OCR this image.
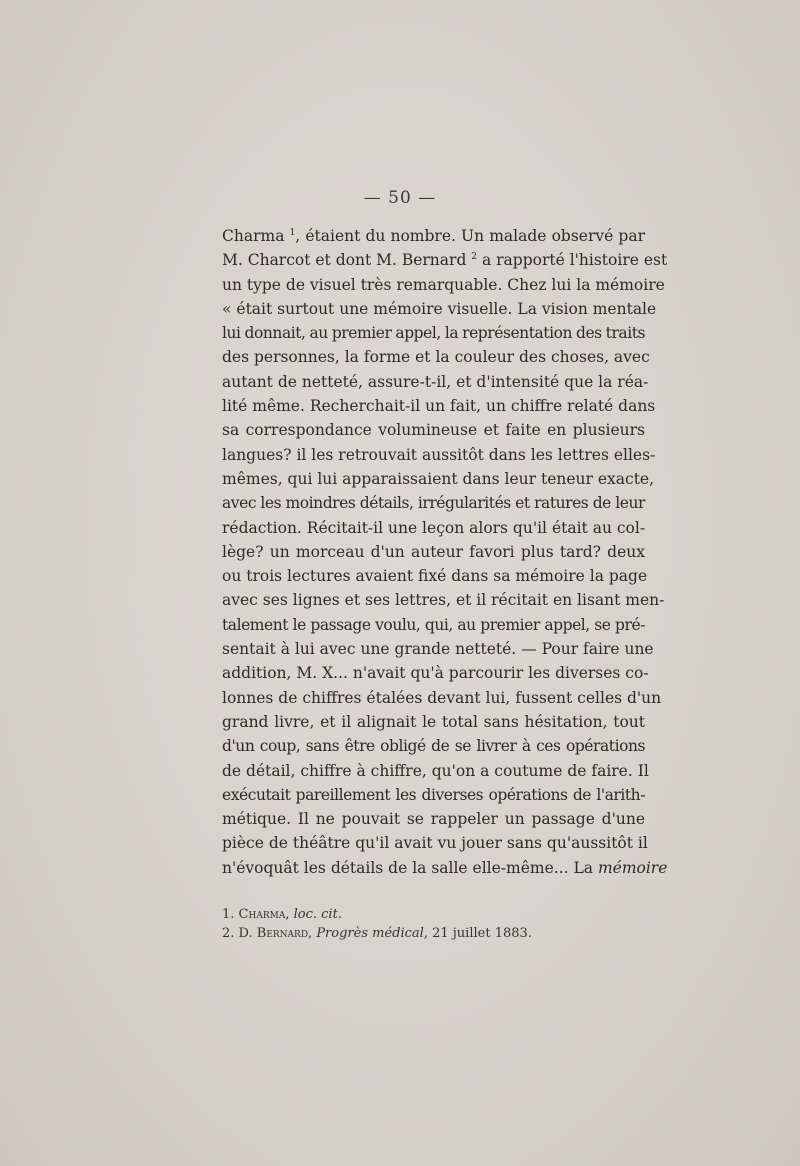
— 50 —
Charma $^1$, étaient du nombre. Un malade observé par
M. Charcot et dont M. Bernard $^2$ a rapporté l'histoire est
un type de visuel très remarquable. Chez lui la mémoire
« était surtout une mémoire visuelle. La vision mentale
lui donnait, au premier appel, la représentation des traits
des personnes, la forme et la couleur des choses, avec
autant de netteté, assure-t-il, et d'intensité que la réa-
lité même. Recherchait-il un fait, un chiffre relaté dans
sa correspondance volumineuse et faite en plusieurs
langues? il les retrouvait aussitôt dans les lettres elles-
mêmes, qui lui apparaissaient dans leur teneur exacte,
avec les moindres détails, irrégularités et ratures de leur
rédaction. Récitait-il une leçon alors qu'il était au col-
lège? un morceau d'un auteur favori plus tard? deux
ou trois lectures avaient fixé dans sa mémoire la page
avec ses lignes et ses lettres, et il récitait en lisant men-
talement le passage voulu, qui, au premier appel, se pré-
sentait à lui avec une grande netteté. — Pour faire une
addition, M. X... n'avait qu'à parcourir les diverses co-
lonnes de chiffres étalées devant lui, fussent celles d'un
grand livre, et il alignait le total sans hésitation, tout
d'un coup, sans être obligé de se livrer à ces opérations
de détail, chiffre à chiffre, qu'on a coutume de faire. Il
exécutait pareillement les diverses opérations de l'arith-
métique. Il ne pouvait se rappeler un passage d'une
pièce de théâtre qu'il avait vu jouer sans qu'aussitôt il
n'évoquât les détails de la salle elle-même... La mémoire
1. Charma, loc. cit.
2. D. Bernard, Progrès médical, 21 juillet 1883.
